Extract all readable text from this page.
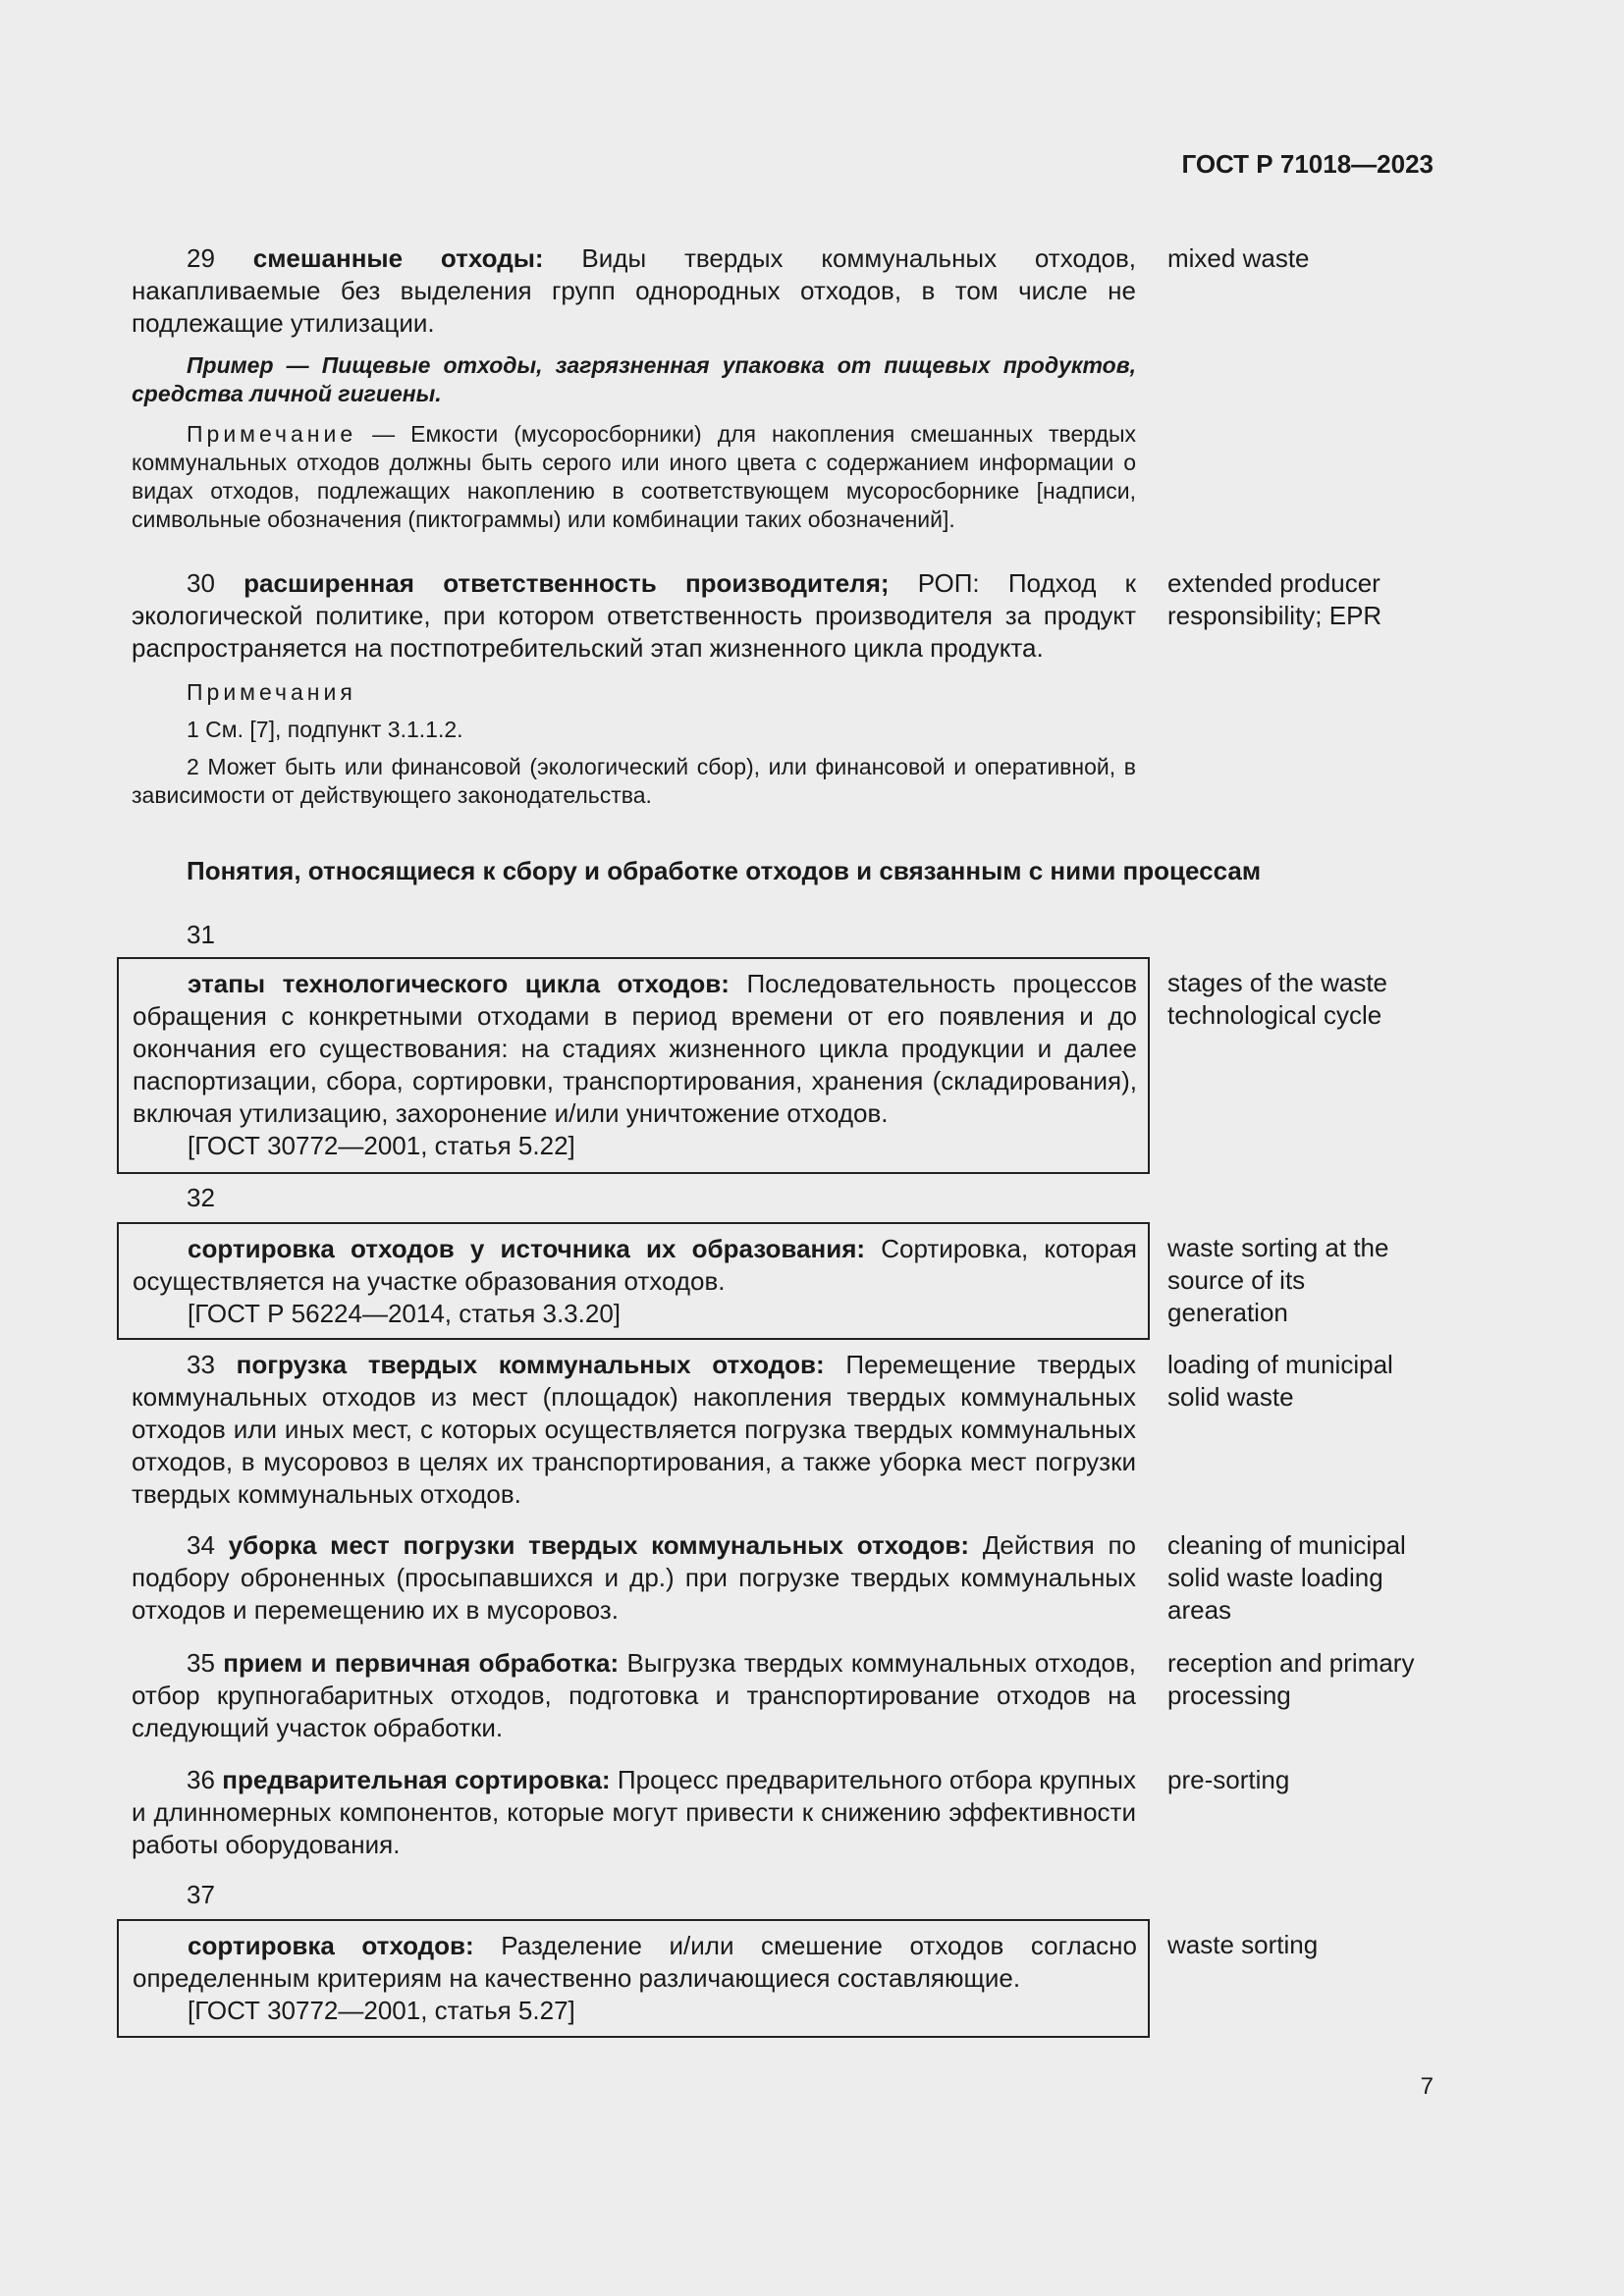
ГОСТ Р 71018—2023

29 смешанные отходы: Виды твердых коммунальных отходов, накапливаемые без выделения групп однородных отходов, в том числе не подлежащие утилизации.

Пример — Пищевые отходы, загрязненная упаковка от пищевых продуктов, средства личной гигиены.

Примечание — Емкости (мусоросборники) для накопления смешанных твердых коммунальных отходов должны быть серого или иного цвета с содержанием информации о видах отходов, подлежащих накоплению в соответствующем мусоросборнике [надписи, символьные обозначения (пиктограммы) или комбинации таких обозначений].

mixed waste

30 расширенная ответственность производителя; РОП: Подход к экологической политике, при котором ответственность производителя за продукт распространяется на постпотребительский этап жизненного цикла продукта.

Примечания

1 См. [7], подпункт 3.1.1.2.

2 Может быть или финансовой (экологический сбор), или финансовой и оперативной, в зависимости от действующего законодательства.

extended producer responsibility; EPR
Понятия, относящиеся к сбору и обработке отходов и связанным с ними процессам
31

этапы технологического цикла отходов: Последовательность процессов обращения с конкретными отходами в период времени от его появления и до окончания его существования: на стадиях жизненного цикла продукции и далее паспортизации, сбора, сортировки, транспортирования, хранения (складирования), включая утилизацию, захоронение и/или уничтожение отходов.

[ГОСТ 30772—2001, статья 5.22]

stages of the waste technological cycle
32

сортировка отходов у источника их образования: Сортировка, которая осуществляется на участке образования отходов.

[ГОСТ Р 56224—2014, статья 3.3.20]

waste sorting at the source of its generation

33 погрузка твердых коммунальных отходов: Перемещение твердых коммунальных отходов из мест (площадок) накопления твердых коммунальных отходов или иных мест, с которых осуществляется погрузка твердых коммунальных отходов, в мусоровоз в целях их транспортирования, а также уборка мест погрузки твердых коммунальных отходов.

loading of municipal solid waste

34 уборка мест погрузки твердых коммунальных отходов: Действия по подбору оброненных (просыпавшихся и др.) при погрузке твердых коммунальных отходов и перемещению их в мусоровоз.

cleaning of municipal solid waste loading areas

35 прием и первичная обработка: Выгрузка твердых коммунальных отходов, отбор крупногабаритных отходов, подготовка и транспортирование отходов на следующий участок обработки.

reception and primary processing

36 предварительная сортировка: Процесс предварительного отбора крупных и длинномерных компонентов, которые могут привести к снижению эффективности работы оборудования.

pre-sorting
37

сортировка отходов: Разделение и/или смешение отходов согласно определенным критериям на качественно различающиеся составляющие.

[ГОСТ 30772—2001, статья 5.27]

waste sorting
7
